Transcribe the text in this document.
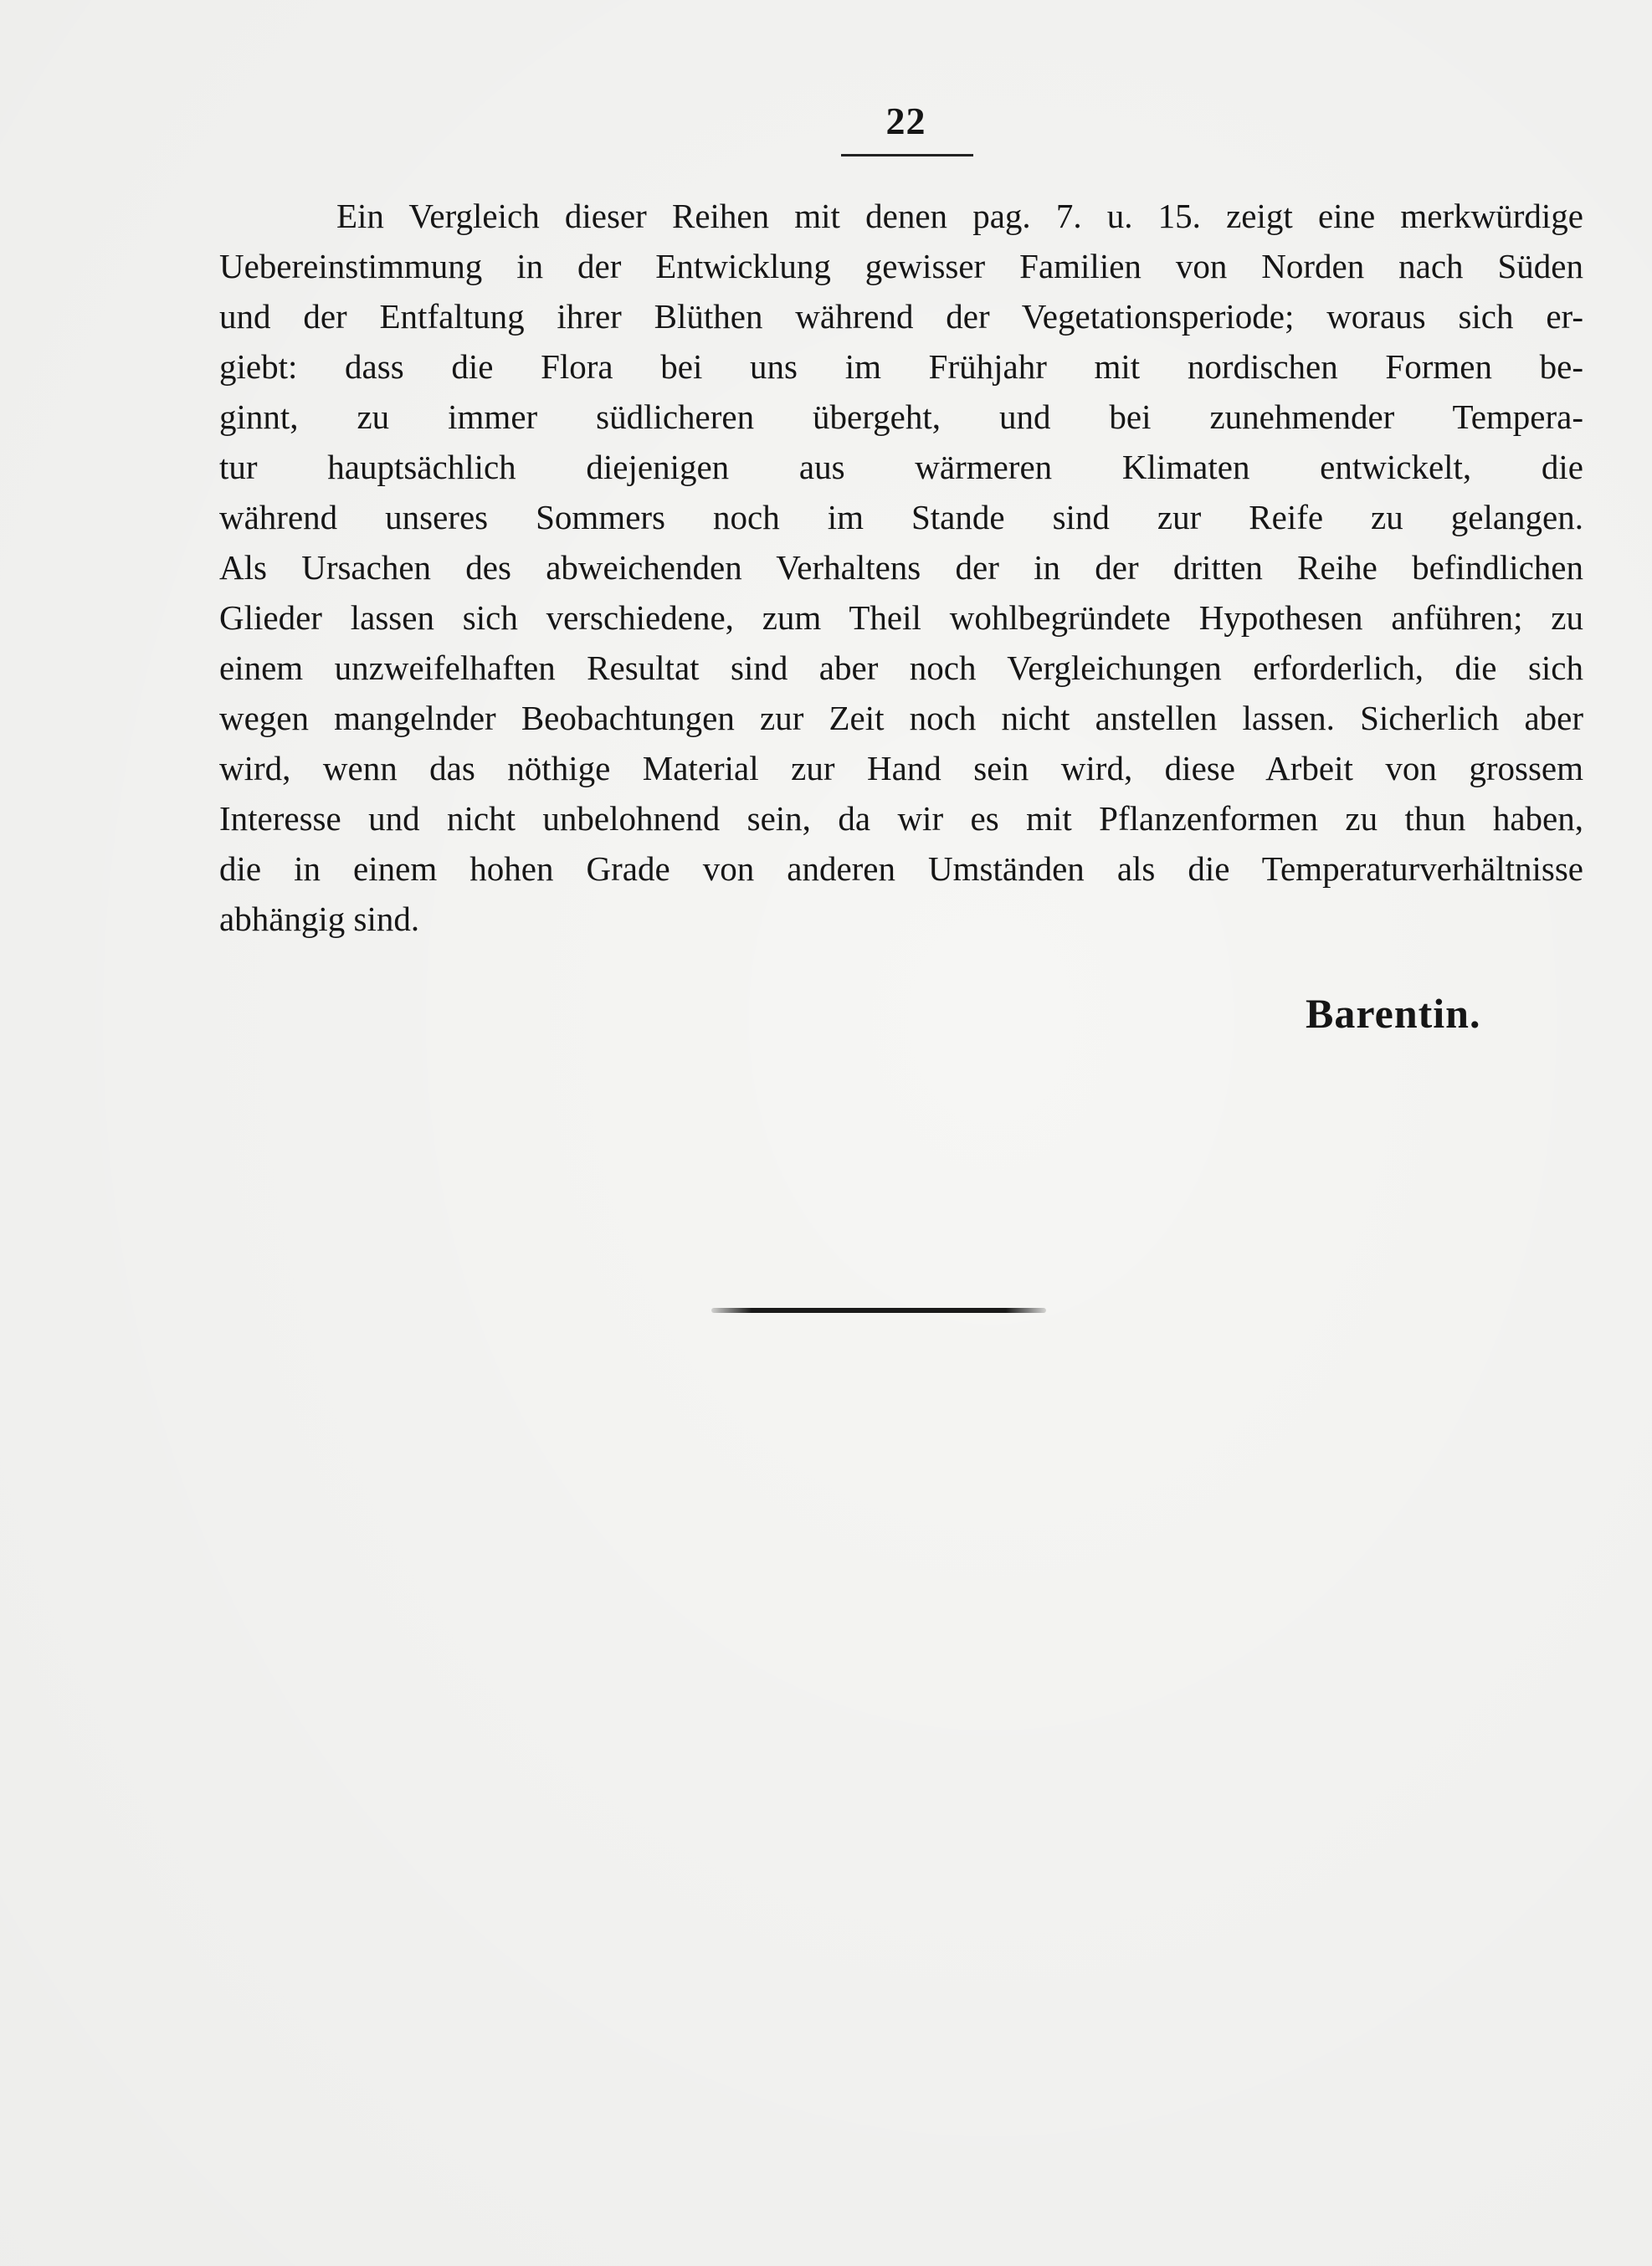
22
Ein Vergleich dieser Reihen mit denen pag. 7. u. 15. zeigt eine merkwürdige
Uebereinstimmung in der Entwicklung gewisser Familien von Norden nach Süden
und der Entfaltung ihrer Blüthen während der Vegetationsperiode; woraus sich er-
giebt: dass die Flora bei uns im Frühjahr mit nordischen Formen be-
ginnt, zu immer südlicheren übergeht, und bei zunehmender Tempera-
tur hauptsächlich diejenigen aus wärmeren Klimaten entwickelt, die
während unseres Sommers noch im Stande sind zur Reife zu gelangen.
Als Ursachen des abweichenden Verhaltens der in der dritten Reihe befindlichen
Glieder lassen sich verschiedene, zum Theil wohlbegründete Hypothesen anführen; zu
einem unzweifelhaften Resultat sind aber noch Vergleichungen erforderlich, die sich
wegen mangelnder Beobachtungen zur Zeit noch nicht anstellen lassen. Sicherlich aber
wird, wenn das nöthige Material zur Hand sein wird, diese Arbeit von grossem
Interesse und nicht unbelohnend sein, da wir es mit Pflanzenformen zu thun haben,
die in einem hohen Grade von anderen Umständen als die Temperaturverhältnisse
abhängig sind.
Barentin.
